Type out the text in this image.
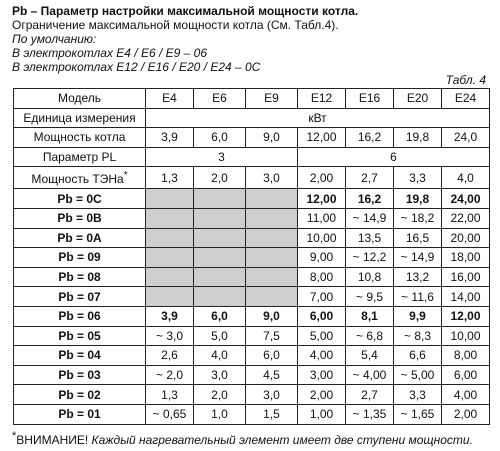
Pb – Параметр настройки максимальной мощности котла.
Ограничение максимальной мощности котла (См. Табл.4).
По умолчанию:
В электрокотлах E4 / E6 / E9 – 06
В электрокотлах E12 / E16 / E20 / E24 – 0C
Табл. 4
Модель	E4	E6	E9	E12	E16	E20	E24
Единица измерения	кВт						
Мощность котла	3,9	6,0	9,0	12,00	16,2	19,8	24,0
Параметр PL	3			6			
Мощность ТЭНа*	1,3	2,0	3,0	2,00	2,7	3,3	4,0
Pb = 0C				12,00	16,2	19,8	24,00
Pb = 0B				11,00	~ 14,9	~ 18,2	22,00
Pb = 0A				10,00	13,5	16,5	20,00
Pb = 09				9,00	~ 12,2	~ 14,9	18,00
Pb = 08				8,00	10,8	13,2	16,00
Pb = 07				7,00	~ 9,5	~ 11,6	14,00
Pb = 06	3,9	6,0	9,0	6,00	8,1	9,9	12,00
Pb = 05	~ 3,0	5,0	7,5	5,00	~ 6,8	~ 8,3	10,00
Pb = 04	2,6	4,0	6,0	4,00	5,4	6,6	8,00
Pb = 03	~ 2,0	3,0	4,5	3,00	~ 4,00	~ 5,00	6,00
Pb = 02	1,3	2,0	3,0	2,00	2,7	3,3	4,00
Pb = 01	~ 0,65	1,0	1,5	1,00	~ 1,35	~ 1,65	2,00
*ВНИМАНИЕ! Каждый нагревательный элемент имеет две ступени мощности.
